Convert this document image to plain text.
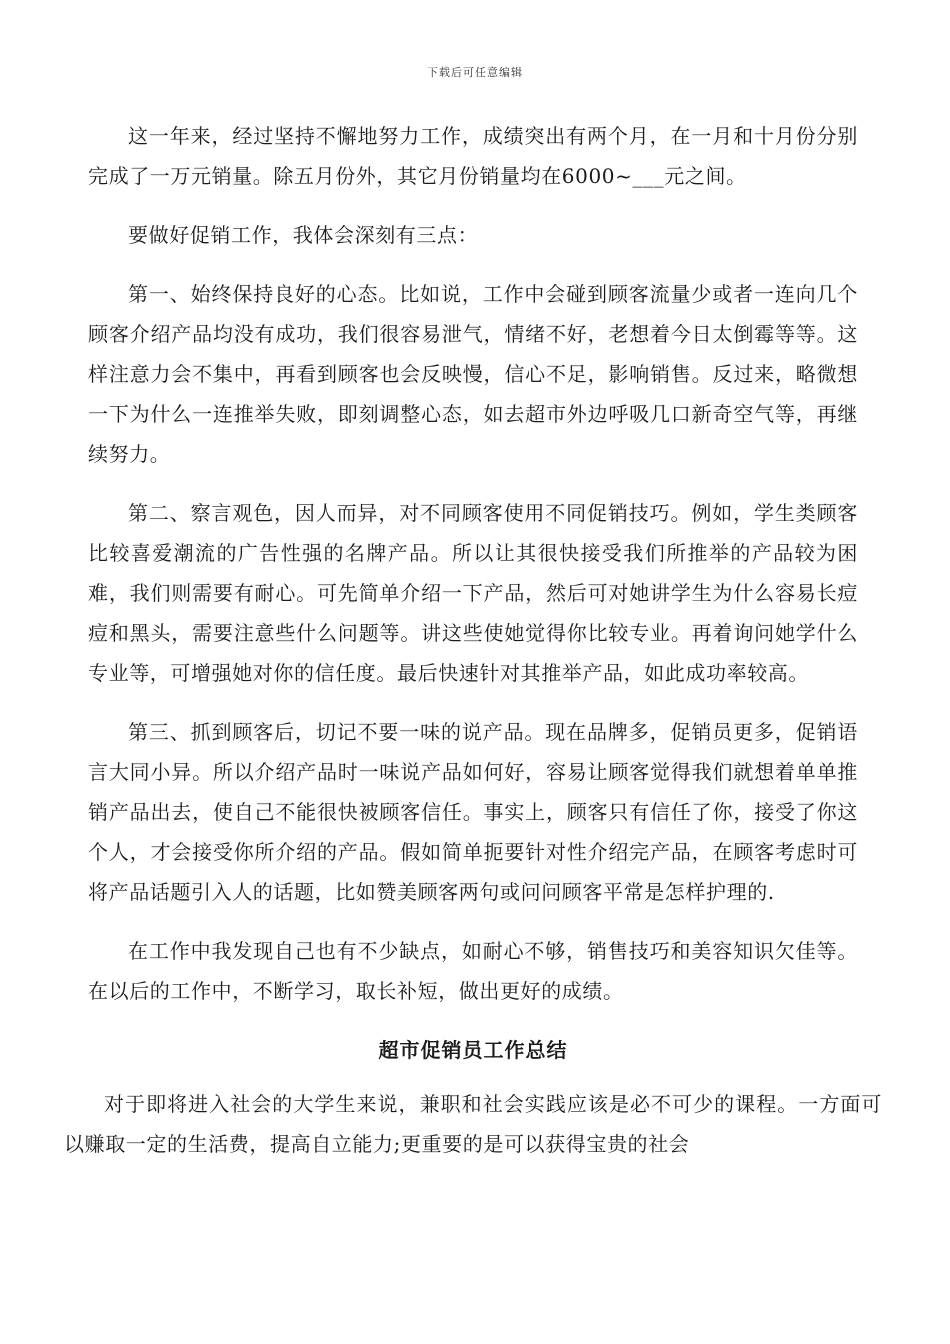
下载后可任意编辑

这一年来，经过坚持不懈地努力工作，成绩突出有两个月，在一月和十月份分别完成了一万元销量。除五月份外，其它月份销量均在6000~___元之间。

要做好促销工作，我体会深刻有三点：

第一、始终保持良好的心态。比如说，工作中会碰到顾客流量少或者一连向几个顾客介绍产品均没有成功，我们很容易泄气，情绪不好，老想着今日太倒霉等等。这样注意力会不集中，再看到顾客也会反映慢，信心不足，影响销售。反过来，略微想一下为什么一连推举失败，即刻调整心态，如去超市外边呼吸几口新奇空气等，再继续努力。

第二、察言观色，因人而异，对不同顾客使用不同促销技巧。例如，学生类顾客比较喜爱潮流的广告性强的名牌产品。所以让其很快接受我们所推举的产品较为困难，我们则需要有耐心。可先简单介绍一下产品，然后可对她讲学生为什么容易长痘痘和黑头，需要注意些什么问题等。讲这些使她觉得你比较专业。再着询问她学什么专业等，可增强她对你的信任度。最后快速针对其推举产品，如此成功率较高。

第三、抓到顾客后，切记不要一味的说产品。现在品牌多，促销员更多，促销语言大同小异。所以介绍产品时一味说产品如何好，容易让顾客觉得我们就想着单单推销产品出去，使自己不能很快被顾客信任。事实上，顾客只有信任了你，接受了你这个人，才会接受你所介绍的产品。假如简单扼要针对性介绍完产品，在顾客考虑时可将产品话题引入人的话题，比如赞美顾客两句或问问顾客平常是怎样护理的.

在工作中我发现自己也有不少缺点，如耐心不够，销售技巧和美容知识欠佳等。在以后的工作中，不断学习，取长补短，做出更好的成绩。

超市促销员工作总结

对于即将进入社会的大学生来说，兼职和社会实践应该是必不可少的课程。一方面可以赚取一定的生活费，提高自立能力;更重要的是可以获得宝贵的社会
